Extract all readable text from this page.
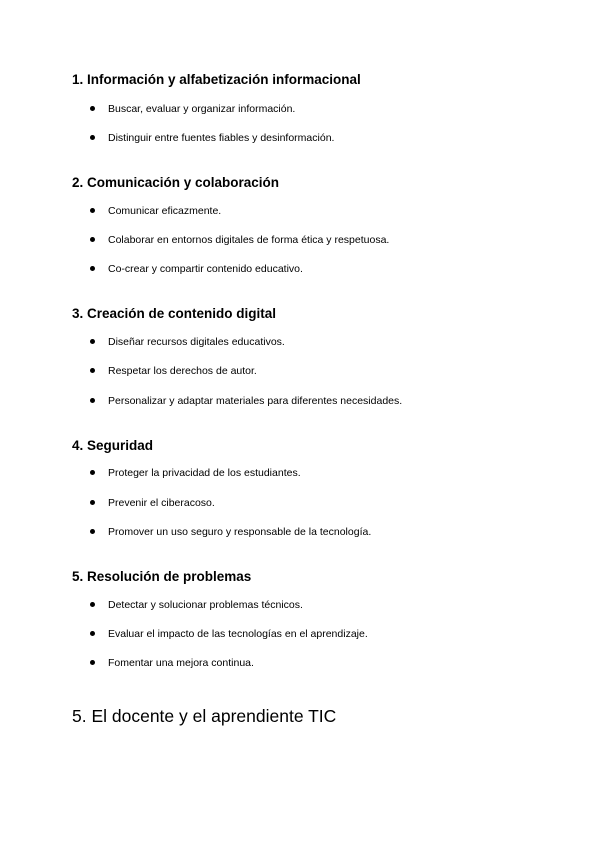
1. Información y alfabetización informacional
Buscar, evaluar y organizar información.
Distinguir entre fuentes fiables y desinformación.
2. Comunicación y colaboración
Comunicar eficazmente.
Colaborar en entornos digitales de forma ética y respetuosa.
Co-crear y compartir contenido educativo.
3. Creación de contenido digital
Diseñar recursos digitales educativos.
Respetar los derechos de autor.
Personalizar y adaptar materiales para diferentes necesidades.
4. Seguridad
Proteger la privacidad de los estudiantes.
Prevenir el ciberacoso.
Promover un uso seguro y responsable de la tecnología.
5. Resolución de problemas
Detectar y solucionar problemas técnicos.
Evaluar el impacto de las tecnologías en el aprendizaje.
Fomentar una mejora continua.
5. El docente y el aprendiente TIC
